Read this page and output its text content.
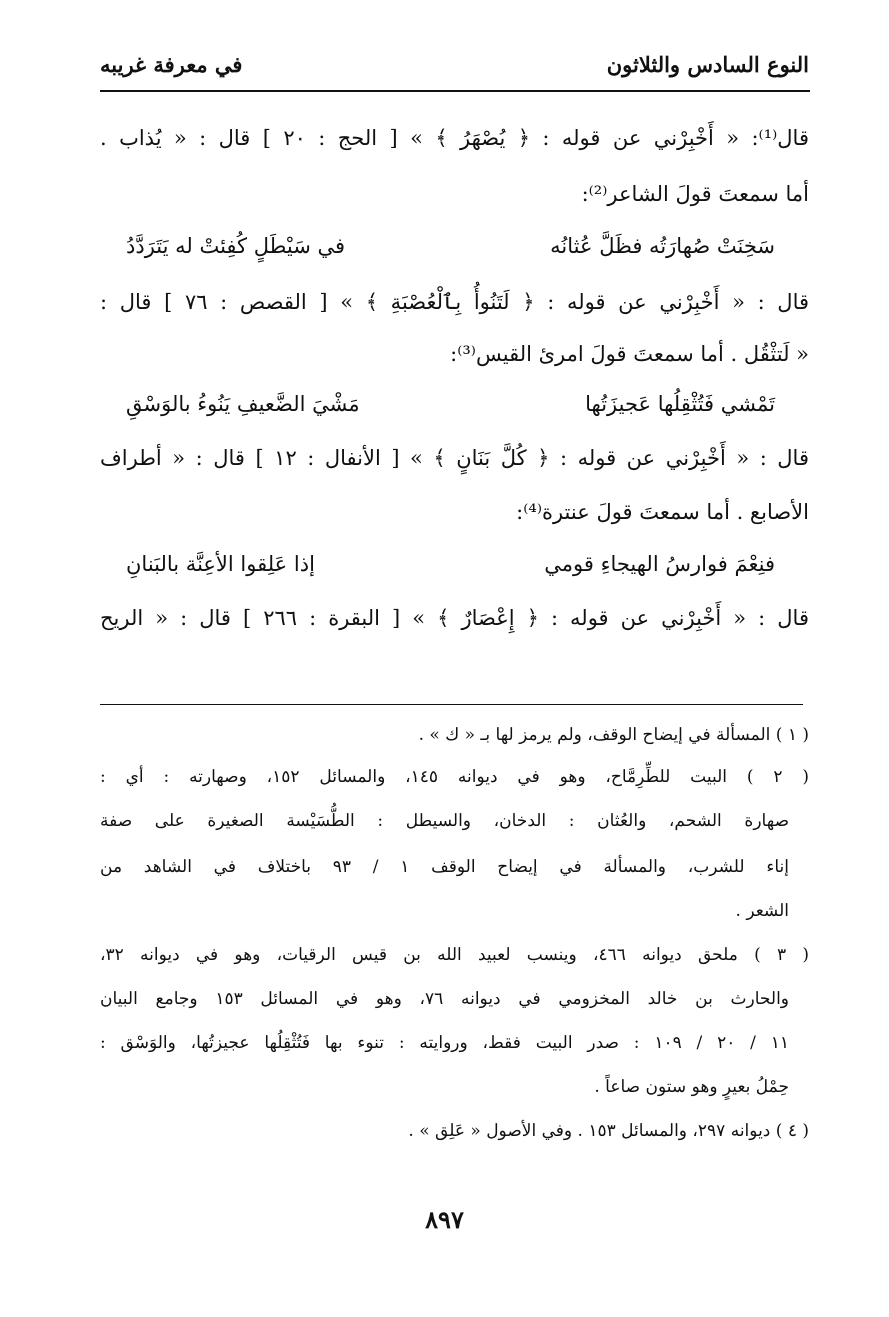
النوع السادس والثلاثون
في معرفة غريبه
قال⁽¹⁾: « أَخْبِرْني عن قوله : ﴿ يُصْهَرُ ﴾ » [ الحج : ٢٠ ] قال : « يُذاب .
أما سمعتَ قولَ الشاعر⁽²⁾:
سَخِنَتْ صُهارَتُه فظَلَّ عُثانُه
في سَيْطَلٍ كُفِئتْ له يَتَرَدَّدُ
قال : « أَخْبِرْني عن قوله : ﴿ لَتَنُوأُ بِٱلْعُصْبَةِ ﴾ » [ القصص : ٧٦ ] قال :
« لَتثْقُل . أما سمعتَ قولَ امرئ القيس⁽³⁾:
تَمْشي فَتُثْقِلُها عَجيزَتُها
مَشْيَ الضَّعيفِ يَنُوءُ بالوَسْقِ
قال : « أَخْبِرْني عن قوله : ﴿ كُلَّ بَنَانٍ ﴾ » [ الأنفال : ١٢ ] قال : « أطراف
الأصابع . أما سمعتَ قولَ عنترة⁽⁴⁾:
فنِعْمَ فوارسُ الهيجاءِ قومي
إذا عَلِقوا الأعِنَّة بالبَنانِ
قال : « أَخْبِرْني عن قوله : ﴿ إِعْصَارٌ ﴾ » [ البقرة : ٢٦٦ ] قال : « الريح
( ١ ) المسألة في إيضاح الوقف، ولم يرمز لها بـ « ك » .
( ٢ ) البيت للطِّرِمَّاح، وهو في ديوانه ١٤٥، والمسائل ١٥٢، وصهارته : أي :
صهارة الشحم، والعُثان : الدخان، والسيطل : الطُّسَيْسة الصغيرة على صفة
إناء للشرب، والمسألة في إيضاح الوقف ١ / ٩٣ باختلاف في الشاهد من
الشعر .
( ٣ ) ملحق ديوانه ٤٦٦، وينسب لعبيد الله بن قيس الرقيات، وهو في ديوانه ٣٢،
والحارث بن خالد المخزومي في ديوانه ٧٦، وهو في المسائل ١٥٣ وجامع البيان
١١ / ٢٠ / ١٠٩ : صدر البيت فقط، وروايته : تنوء بها فَتُثْقِلُها عجيزتُها، والوَسْق :
حِمْلُ بعيرٍ وهو ستون صاعاً .
( ٤ ) ديوانه ٢٩٧، والمسائل ١٥٣ . وفي الأصول « عَلِق » .
٨٩٧
